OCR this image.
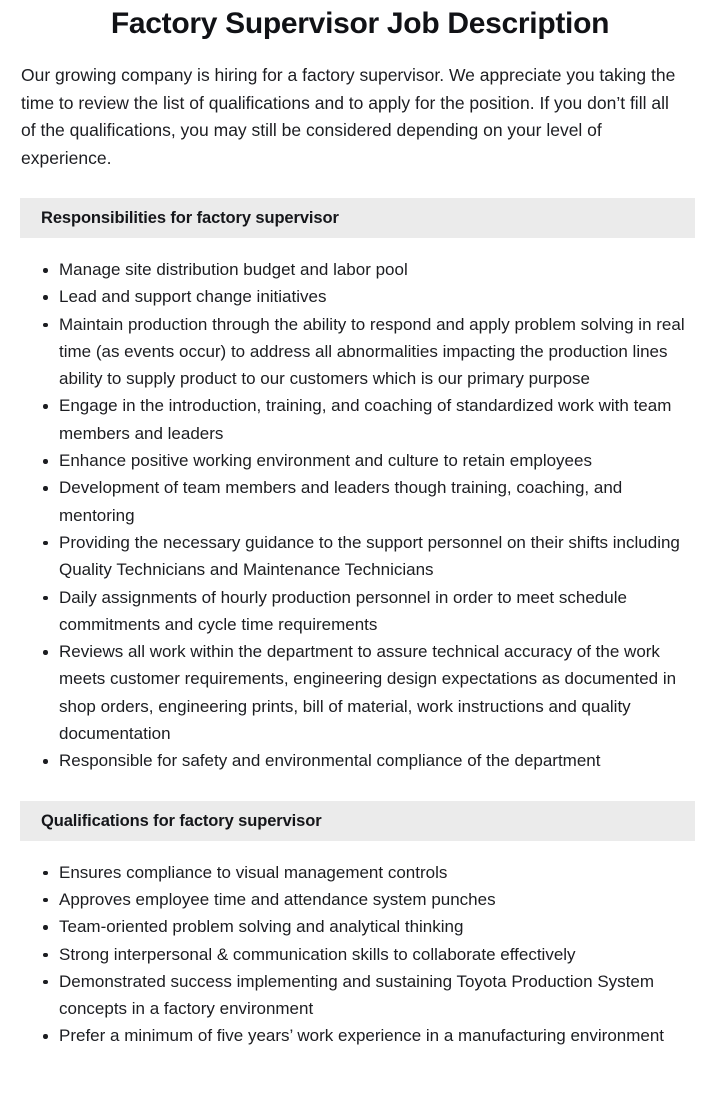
Factory Supervisor Job Description

Our growing company is hiring for a factory supervisor. We appreciate you taking the time to review the list of qualifications and to apply for the position. If you don’t fill all of the qualifications, you may still be considered depending on your level of experience.

Responsibilities for factory supervisor
Manage site distribution budget and labor pool
Lead and support change initiatives
Maintain production through the ability to respond and apply problem solving in real time (as events occur) to address all abnormalities impacting the production lines ability to supply product to our customers which is our primary purpose
Engage in the introduction, training, and coaching of standardized work with team members and leaders
Enhance positive working environment and culture to retain employees
Development of team members and leaders though training, coaching, and mentoring
Providing the necessary guidance to the support personnel on their shifts including Quality Technicians and Maintenance Technicians
Daily assignments of hourly production personnel in order to meet schedule commitments and cycle time requirements
Reviews all work within the department to assure technical accuracy of the work meets customer requirements, engineering design expectations as documented in shop orders, engineering prints, bill of material, work instructions and quality documentation
Responsible for safety and environmental compliance of the department
Qualifications for factory supervisor
Ensures compliance to visual management controls
Approves employee time and attendance system punches
Team-oriented problem solving and analytical thinking
Strong interpersonal & communication skills to collaborate effectively
Demonstrated success implementing and sustaining Toyota Production System concepts in a factory environment
Prefer a minimum of five years’ work experience in a manufacturing environment
